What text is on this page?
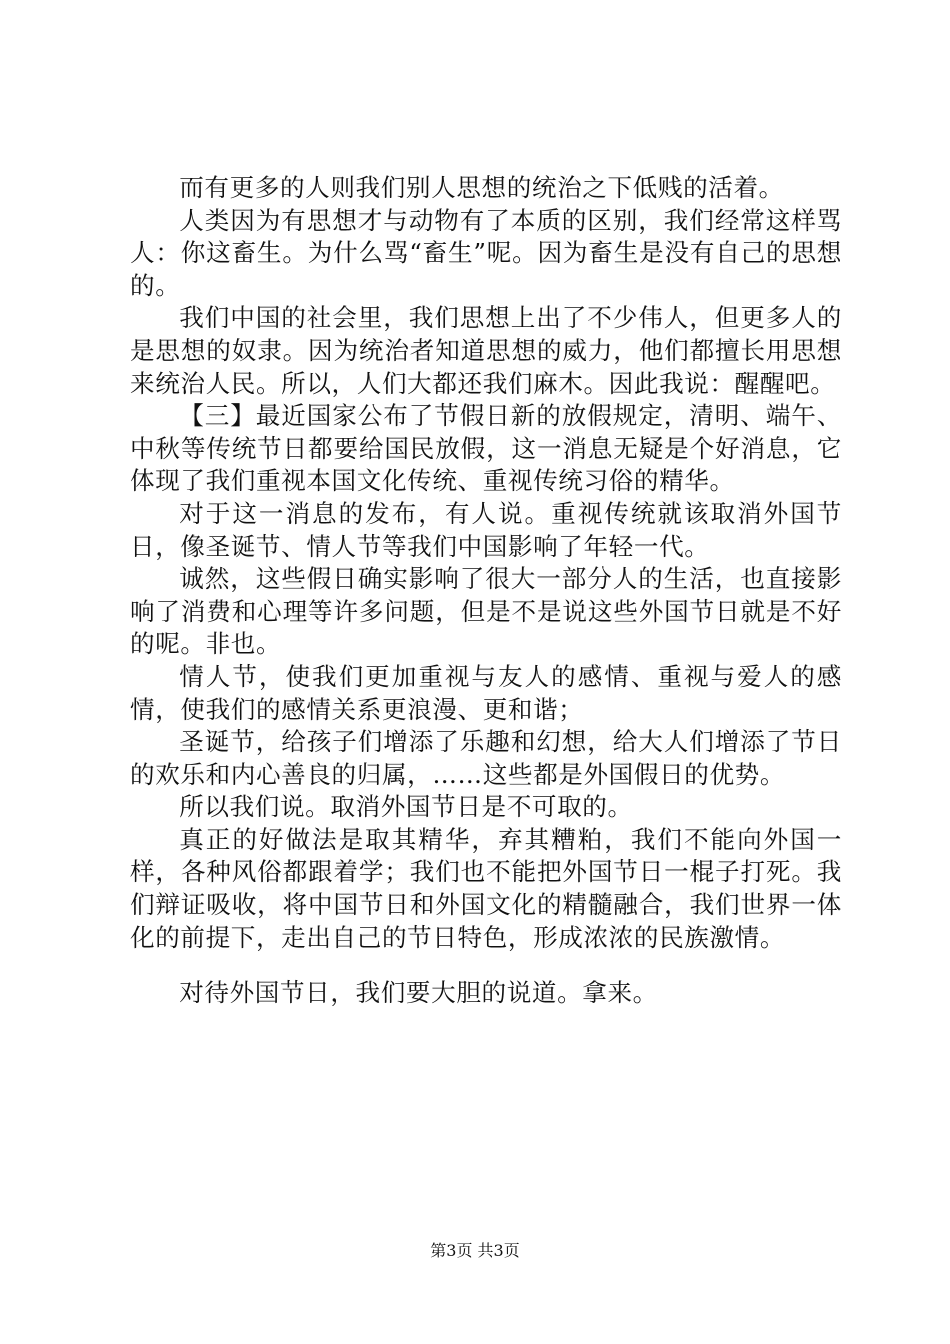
而有更多的人则我们别人思想的统治之下低贱的活着。

人类因为有思想才与动物有了本质的区别，我们经常这样骂人：你这畜生。为什么骂“畜生”呢。因为畜生是没有自己的思想的。

我们中国的社会里，我们思想上出了不少伟人，但更多人的是思想的奴隶。因为统治者知道思想的威力，他们都擅长用思想来统治人民。所以，人们大都还我们麻木。因此我说：醒醒吧。

【三】最近国家公布了节假日新的放假规定，清明、端午、中秋等传统节日都要给国民放假，这一消息无疑是个好消息，它体现了我们重视本国文化传统、重视传统习俗的精华。

对于这一消息的发布，有人说。重视传统就该取消外国节日，像圣诞节、情人节等我们中国影响了年轻一代。

诚然，这些假日确实影响了很大一部分人的生活，也直接影响了消费和心理等许多问题，但是不是说这些外国节日就是不好的呢。非也。

情人节，使我们更加重视与友人的感情、重视与爱人的感情，使我们的感情关系更浪漫、更和谐；

圣诞节，给孩子们增添了乐趣和幻想，给大人们增添了节日的欢乐和内心善良的归属，……这些都是外国假日的优势。

所以我们说。取消外国节日是不可取的。

真正的好做法是取其精华，弃其糟粕，我们不能向外国一样，各种风俗都跟着学；我们也不能把外国节日一棍子打死。我们辩证吸收，将中国节日和外国文化的精髓融合，我们世界一体化的前提下，走出自己的节日特色，形成浓浓的民族激情。

对待外国节日，我们要大胆的说道。拿来。

第3页 共3页
